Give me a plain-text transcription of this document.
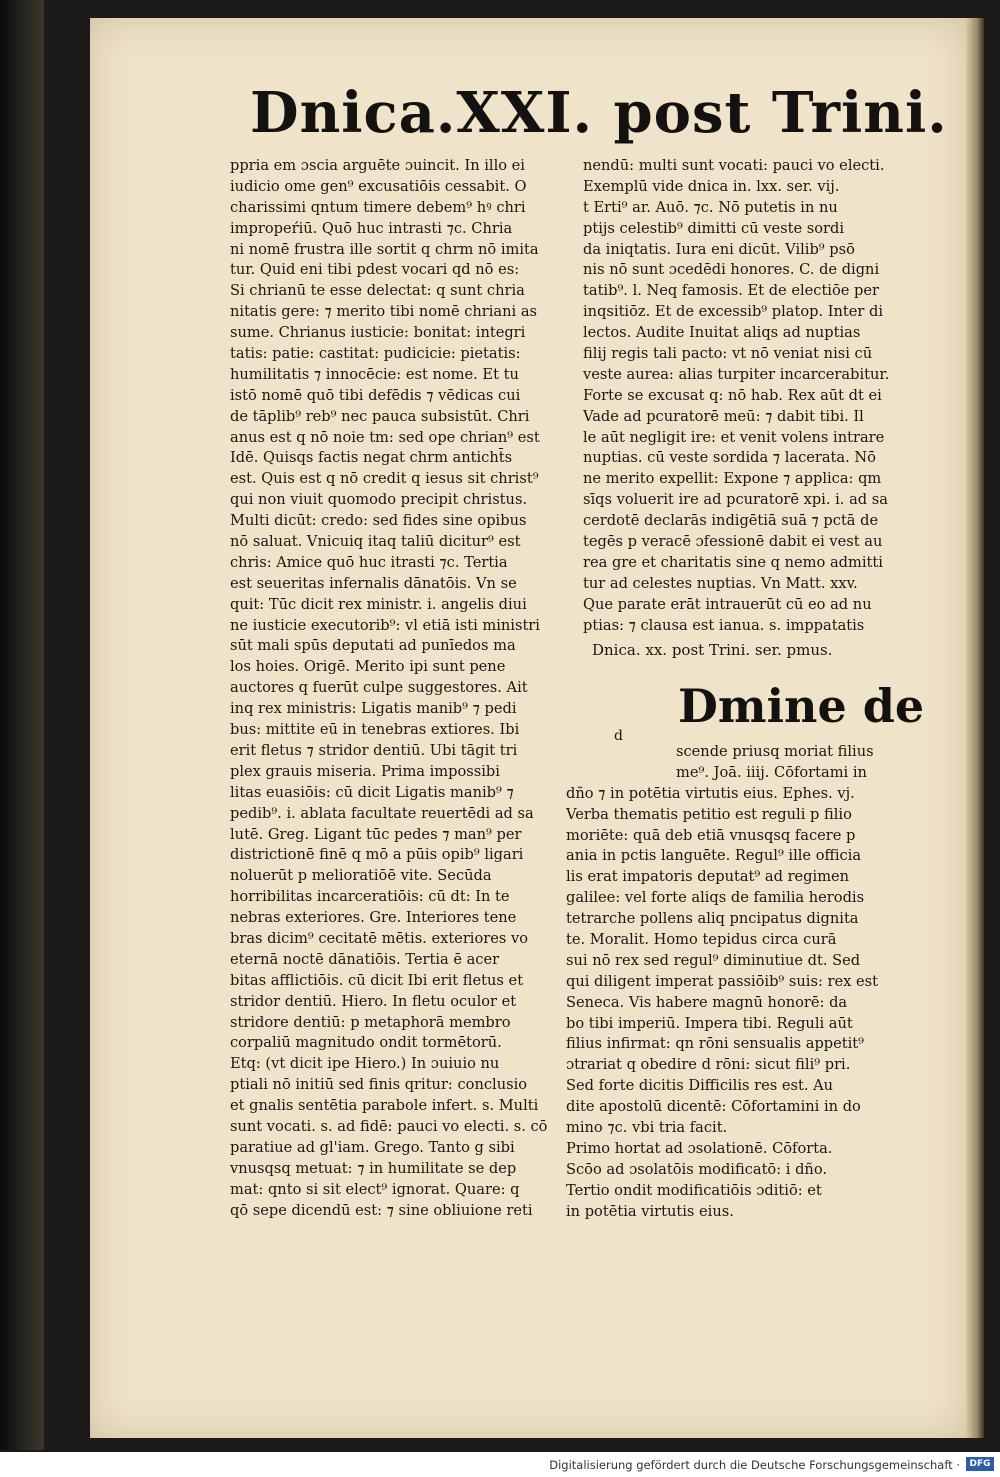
Dnica.XXI. post Trini.
ppria em ɔscia arguēte ɔuincit. In illo ei
iudicio ome gen⁹ excusatiōis cessabit. O
charissimi qntum timere debem⁹ hꝰ chri
impropeŕiū. Quō huc intrasti ⁊c. Chria
ni nomē frustra ille sortit q chrm nō imita
tur. Quid eni tibi pdest vocari qd nō es:
Si chrianū te esse delectat: q sunt chria
nitatis gere: ⁊ merito tibi nomē chriani as
sume. Chrianus iusticie: bonitat: integri
tatis: patie: castitat: pudicicie: pietatis:
humilitatis ⁊ innocēcie: est nome. Et tu
istō nomē quō tibi defēdis ⁊ vēdicas cui
de tāplib⁹ reb⁹ nec pauca subsistūt. Chri
anus est q nō noie tm: sed ope chrian⁹ est
Idē. Quisqs factis negat chrm anticht̄s
est. Quis est q nō credit q iesus sit christ⁹
qui non viuit quomodo precipit christus.
Multi dicūt: credo: sed fides sine opibus
nō saluat. Vnicuiq itaq taliū dicitur⁹ est
chris: Amice quō huc itrasti ⁊c. Tertia
est seueritas infernalis dānatōis. Vn se
quit: Tūc dicit rex ministr. i. angelis diui
ne iusticie executorib⁹: vl etiā isti ministri
sūt mali spūs deputati ad punīedos ma
los hoies. Origē. Merito ipi sunt pene
auctores q fuerūt culpe suggestores. Ait
inq rex ministris: Ligatis manib⁹ ⁊ pedi
bus: mittite eū in tenebras extiores. Ibi
erit fletus ⁊ stridor dentiū. Ubi tāgit tri
plex grauis miseria. Prima impossibi
litas euasiōis: cū dicit Ligatis manib⁹ ⁊
pedib⁹. i. ablata facultate reuertēdi ad sa
lutē. Greg. Ligant tūc pedes ⁊ man⁹ per
districtionē finē q mō a pūis opib⁹ ligari
noluerūt p melioratiōē vite. Secūda
horribilitas incarceratiōis: cū dt: In te
nebras exteriores. Gre. Interiores tene
bras dicim⁹ cecitatē mētis. exteriores vo
eternā noctē dānatiōis. Tertia ē acer
bitas afflictiōis. cū dicit Ibi erit fletus et
stridor dentiū. Hiero. In fletu oculor et
stridore dentiū: p metaphorā membro
corpaliū magnitudo ondit tormētorū.
Etq: (vt dicit ipe Hiero.) In ɔuiuio nu
ptiali nō initiū sed finis qritur: conclusio
et gnalis sentētia parabole infert. s. Multi
sunt vocati. s. ad fidē: pauci vo electi. s. cō
paratiue ad gl'iam. Grego. Tanto g sibi
vnusqsq metuat: ⁊ in humilitate se dep
mat: qnto si sit elect⁹ ignorat. Quare: q
qō sepe dicendū est: ⁊ sine obliuione reti
nendū: multi sunt vocati: pauci vo electi.
Exemplū vide dnica in. lxx. ser. vij.
t Erti⁹ ar. Auō. ⁊c. Nō putetis in nu
ptijs celestib⁹ dimitti cū veste sordi
da iniqtatis. Iura eni dicūt. Vilib⁹ psō
nis nō sunt ɔcedēdi honores. C. de digni
tatib⁹. l. Neq famosis. Et de electiōe per
inqsitiōz. Et de excessib⁹ platop. Inter di
lectos. Audite Inuitat aliqs ad nuptias
filij regis tali pacto: vt nō veniat nisi cū
veste aurea: alias turpiter incarcerabitur.
Forte se excusat q: nō hab. Rex aūt dt ei
Vade ad pcuratorē meū: ⁊ dabit tibi. Il
le aūt negligit ire: et venit volens intrare
nuptias. cū veste sordida ⁊ lacerata. Nō
ne merito expellit: Expone ⁊ applica: qm
sīqs voluerit ire ad pcuratorē xpi. i. ad sa
cerdotē declarās indigētiā suā ⁊ pctā de
tegēs p veracē ɔfessionē dabit ei vest au
rea gre et charitatis sine q nemo admitti
tur ad celestes nuptias. Vn Matt. xxv.
Que parate erāt intrauerūt cū eo ad nu
ptias: ⁊ clausa est ianua. s. imppatatis
Dnica. xx. post Trini. ser. pmus.
Dmine de
d
scende priusq moriat filius
me⁹. Joā. iiij. Cōfortami in
dño ⁊ in potētia virtutis eius. Ephes. vj.
Verba thematis petitio est reguli p filio
moriēte: quā deb etiā vnusqsq facere p
ania in pctis languēte. Regul⁹ ille officia
lis erat impatoris deputat⁹ ad regimen
galilee: vel forte aliqs de familia herodis
tetrarche pollens aliq pncipatus dignita
te. Moralit. Homo tepidus circa curā
sui nō rex sed regul⁹ diminutiue dt. Sed
qui diligent imperat passiōib⁹ suis: rex est
Seneca. Vis habere magnū honorē: da
bo tibi imperiū. Impera tibi. Reguli aūt
filius infirmat: qn rōni sensualis appetit⁹
ɔtrariat q obedire d rōni: sicut fili⁹ pri.
Sed forte dicitis Difficilis res est. Au
dite apostolū dicentē: Cōfortamini in do
mino ⁊c. vbi tria facit.
Primo hortat ad ɔsolationē. Cōforta.
Scōo ad ɔsolatōis modificatō: i dño.
Tertio ondit modificatiōis ɔditiō: et
in potētia virtutis eius.
Digitalisierung gefördert durch die Deutsche Forschungsgemeinschaft ·	DFG
